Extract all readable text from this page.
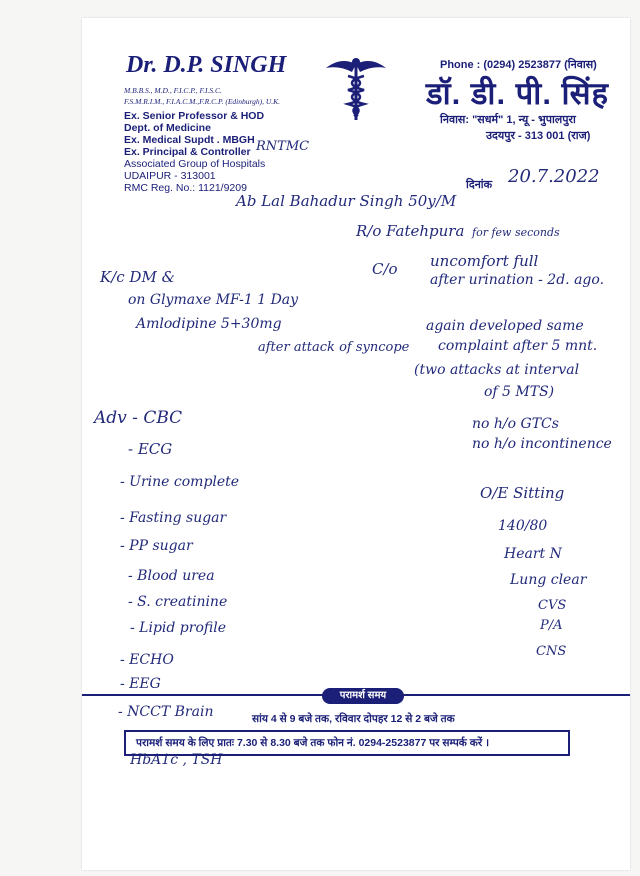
Dr. D.P. SINGH
M.B.B.S., M.D., F.I.C.P., F.I.S.C.
F.S.M.R.I.M., F.I.A.C.M.,F.R.C.P. (Edinburgh), U.K.
Ex. Senior Professor & HOD
Dept. of Medicine
Ex. Medical Supdt . MBGH
Ex. Principal & Controller
Associated Group of Hospitals
UDAIPUR - 313001
RMC Reg. No.: 1121/9209
Phone : (0294) 2523877 (निवास)
डॉ. डी. पी. सिंह
निवास: "सधर्म" 1, न्यू - भुपालपुरा
उदयपुर - 313 001 (राज)
दिनांक
RNTMC
20.7.2022
Ab Lal Bahadur Singh 50y/M
R/o Fatehpura
C/o
for few seconds
uncomfort full
after urination - 2d. ago.
again developed same
complaint after 5 mnt.
(two attacks at interval
of 5 MTS)
no h/o GTCs
no h/o incontinence
K/c DM &
on Glymaxe MF-1 1 Day
Amlodipine 5+30mg
after attack of syncope
Adv - CBC
- ECG
- Urine complete
- Fasting sugar
- PP sugar
- Blood urea
- S. creatinine
- Lipid profile
- ECHO
- EEG
- NCCT Brain
HbA1c , TSH
O/E Sitting
140/80
Heart N
Lung clear
CVS
P/A
CNS
परामर्श समय
सांय 4 से 9 बजे तक, रविवार दोपहर 12 से 2 बजे तक
परामर्श समय के लिए प्रातः 7.30 से 8.30 बजे तक फोन नं. 0294-2523877 पर सम्पर्क करें ।
